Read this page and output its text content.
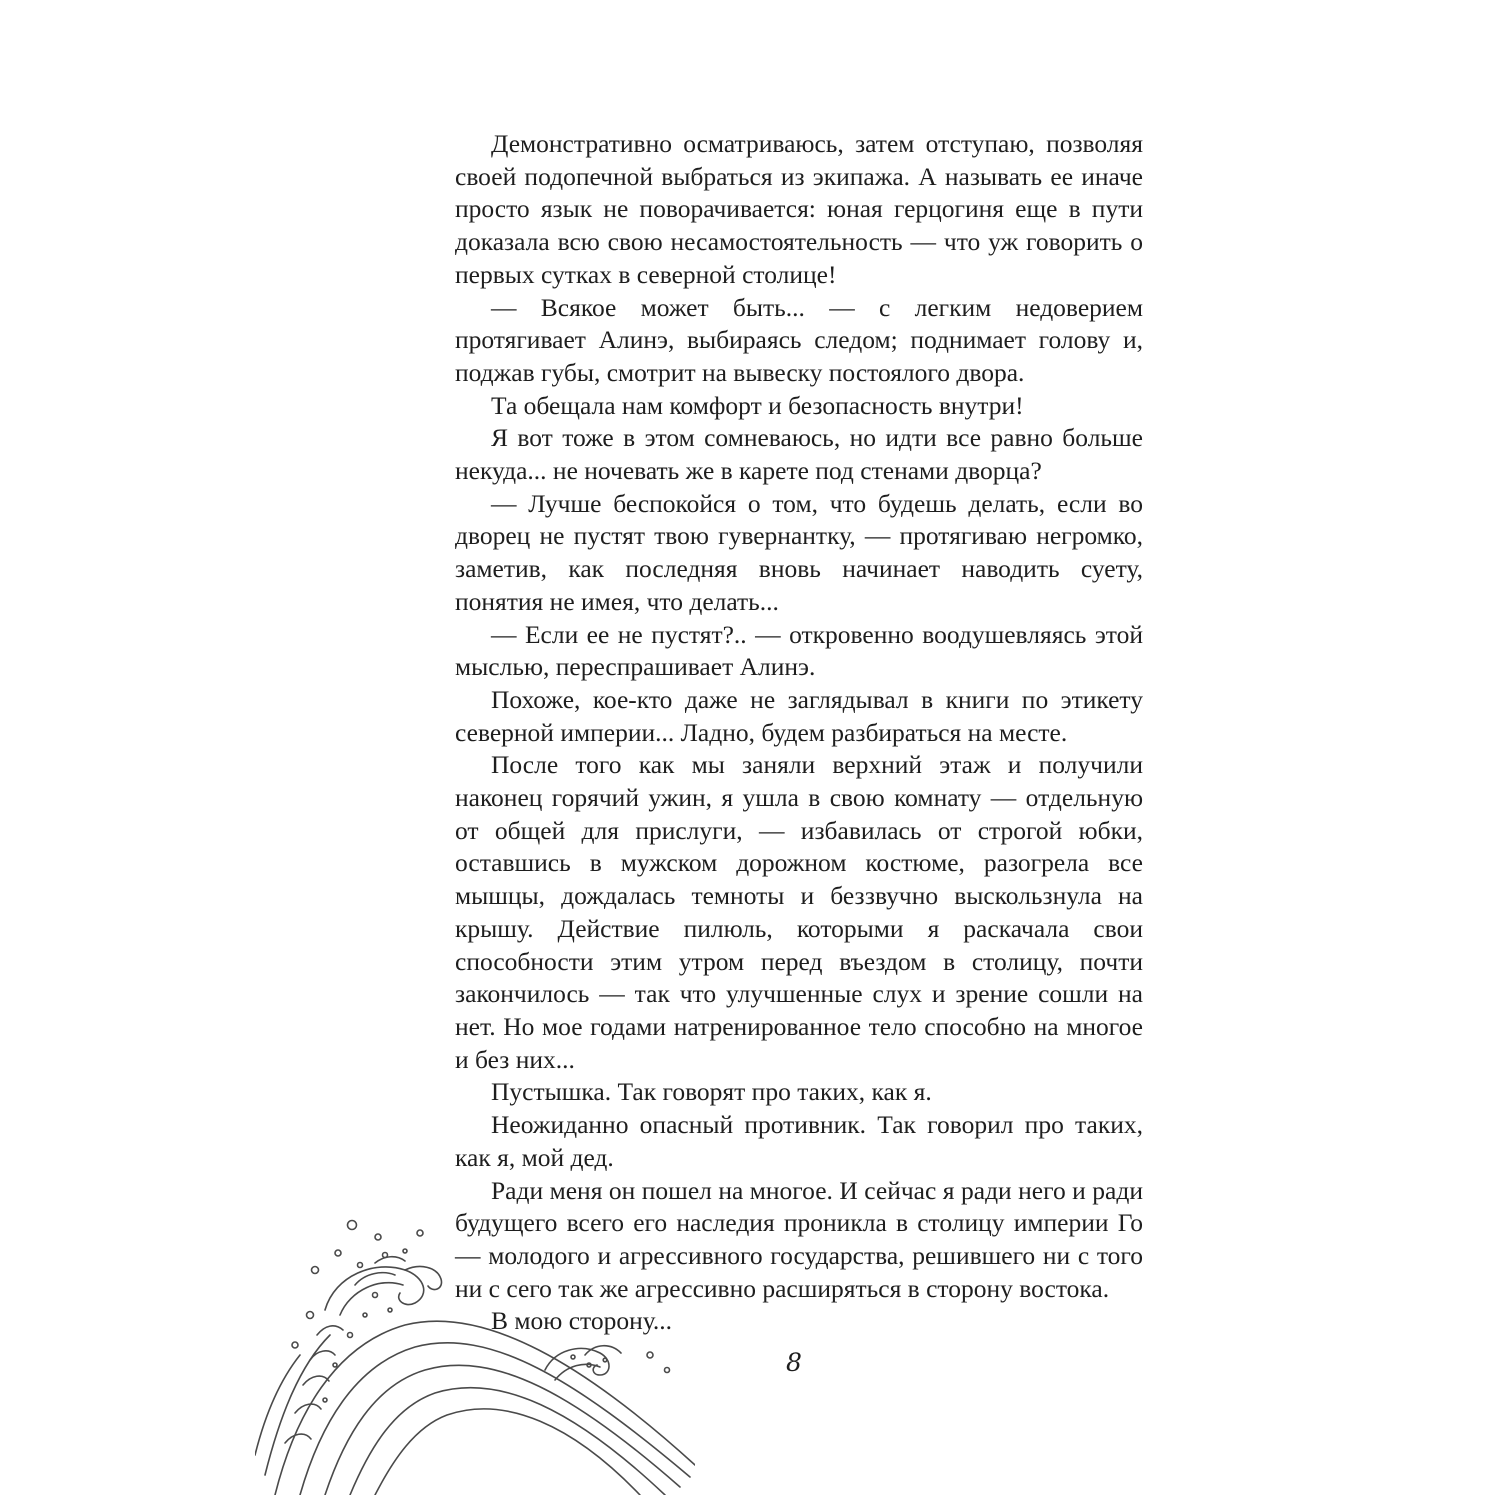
Демонстративно осматриваюсь, затем отступаю, позволяя своей подопечной выбраться из экипажа. А называть ее иначе просто язык не поворачивается: юная герцогиня еще в пути доказала всю свою несамостоятельность — что уж говорить о первых сутках в северной столице!

— Всякое может быть... — с легким недоверием протягивает Алинэ, выбираясь следом; поднимает голову и, поджав губы, смотрит на вывеску постоялого двора.

Та обещала нам комфорт и безопасность внутри!

Я вот тоже в этом сомневаюсь, но идти все равно больше некуда... не ночевать же в карете под стенами дворца?

— Лучше беспокойся о том, что будешь делать, если во дворец не пустят твою гувернантку, — протягиваю негромко, заметив, как последняя вновь начинает наводить суету, понятия не имея, что делать...

— Если ее не пустят?.. — откровенно воодушевляясь этой мыслью, переспрашивает Алинэ.

Похоже, кое-кто даже не заглядывал в книги по этикету северной империи... Ладно, будем разбираться на месте.

После того как мы заняли верхний этаж и получили наконец горячий ужин, я ушла в свою комнату — отдельную от общей для прислуги, — избавилась от строгой юбки, оставшись в мужском дорожном костюме, разогрела все мышцы, дождалась темноты и беззвучно выскользнула на крышу. Действие пилюль, которыми я раскачала свои способности этим утром перед въездом в столицу, почти закончилось — так что улучшенные слух и зрение сошли на нет. Но мое годами натренированное тело способно на многое и без них...

Пустышка. Так говорят про таких, как я.

Неожиданно опасный противник. Так говорил про таких, как я, мой дед.

Ради меня он пошел на многое. И сейчас я ради него и ради будущего всего его наследия проникла в столицу империи Го — молодого и агрессивного государства, решившего ни с того ни с сего так же агрессивно расширяться в сторону востока.

В мою сторону...

8
